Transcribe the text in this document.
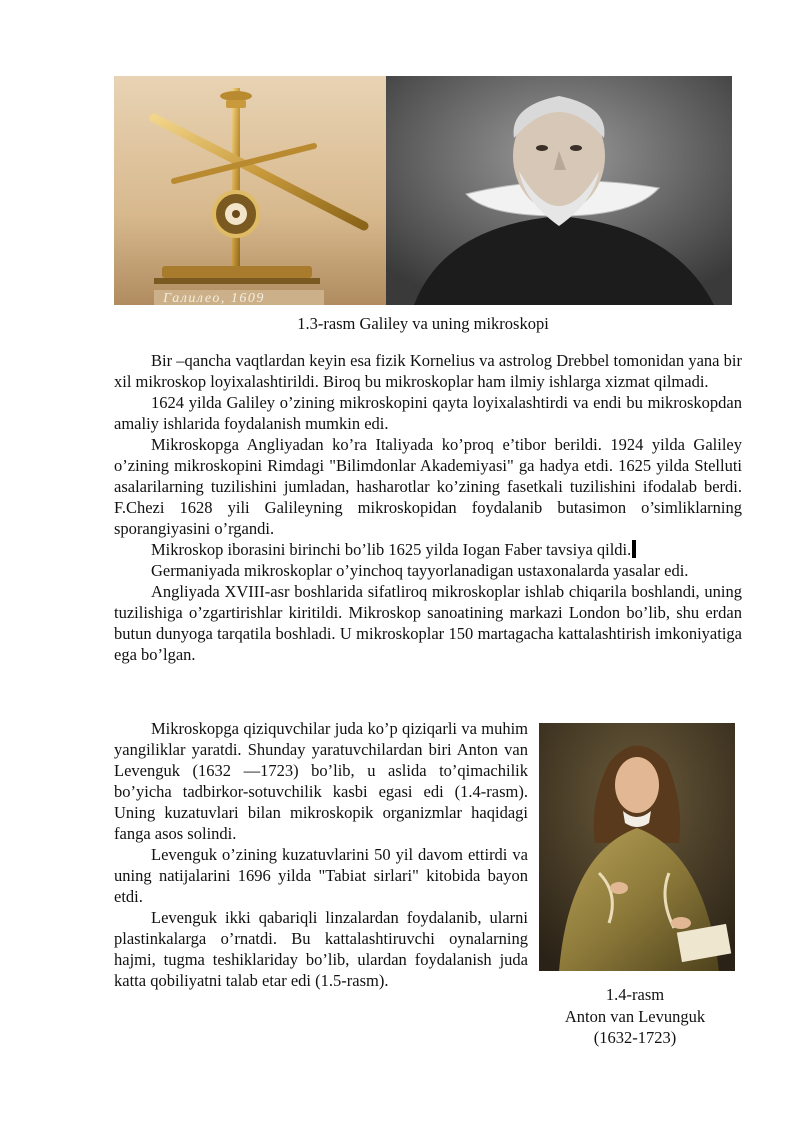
Галилео, 1609
1.3-rasm Galiley va uning mikroskopi

Bir –qancha vaqtlardan keyin esa fizik Kornelius va astrolog Drebbel tomonidan yana bir xil mikroskop loyixalashtirildi. Biroq bu mikroskoplar ham ilmiy ishlarga xizmat qilmadi.

1624 yilda Galiley o’zining mikroskopini qayta loyixalashtirdi va endi bu mikroskopdan amaliy ishlarida foydalanish mumkin edi.

Mikroskopga Angliyadan ko’ra Italiyada ko’proq e’tibor berildi. 1924 yilda Galiley o’zining mikroskopini Rimdagi "Bilimdonlar Akademiyasi" ga hadya etdi. 1625 yilda Stelluti asalarilarning tuzilishini jumladan, hasharotlar ko’zining fasetkali tuzilishini ifodalab berdi. F.Chezi 1628 yili Galileyning mikroskopidan foydalanib butasimon o’simliklarning sporangiyasini o’rgandi.

Mikroskop iborasini birinchi bo’lib 1625 yilda Iogan Faber tavsiya qildi.

Germaniyada mikroskoplar o’yinchoq tayyorlanadigan ustaxonalarda yasalar edi.

Angliyada XVIII-asr boshlarida sifatliroq mikroskoplar ishlab chiqarila boshlandi, uning tuzilishiga o’zgartirishlar kiritildi. Mikroskop sanoatining markazi London bo’lib, shu erdan butun dunyoga tarqatila boshladi. U mikroskoplar 150 martagacha kattalashtirish imkoniyatiga ega bo’lgan.

Mikroskopga qiziquvchilar juda ko’p qiziqarli va muhim yangiliklar yaratdi. Shunday yaratuvchilardan biri Anton van Levenguk (1632 —1723) bo’lib, u aslida to’qimachilik bo’yicha tadbirkor-sotuvchilik kasbi egasi edi (1.4-rasm). Uning kuzatuvlari bilan mikroskopik organizmlar haqidagi fanga asos solindi.

Levenguk o’zining kuzatuvlarini 50 yil davom ettirdi va uning natijalarini 1696 yilda "Tabiat sirlari" kitobida bayon etdi.

Levenguk ikki qabariqli linzalardan foydalanib, ularni plastinkalarga o’rnatdi. Bu kattalashtiruvchi oynalarning hajmi, tugma teshiklariday bo’lib, ulardan foydalanish juda katta qobiliyatni talab etar edi (1.5-rasm).

1.4-rasm
Anton van Levunguk
(1632-1723)
